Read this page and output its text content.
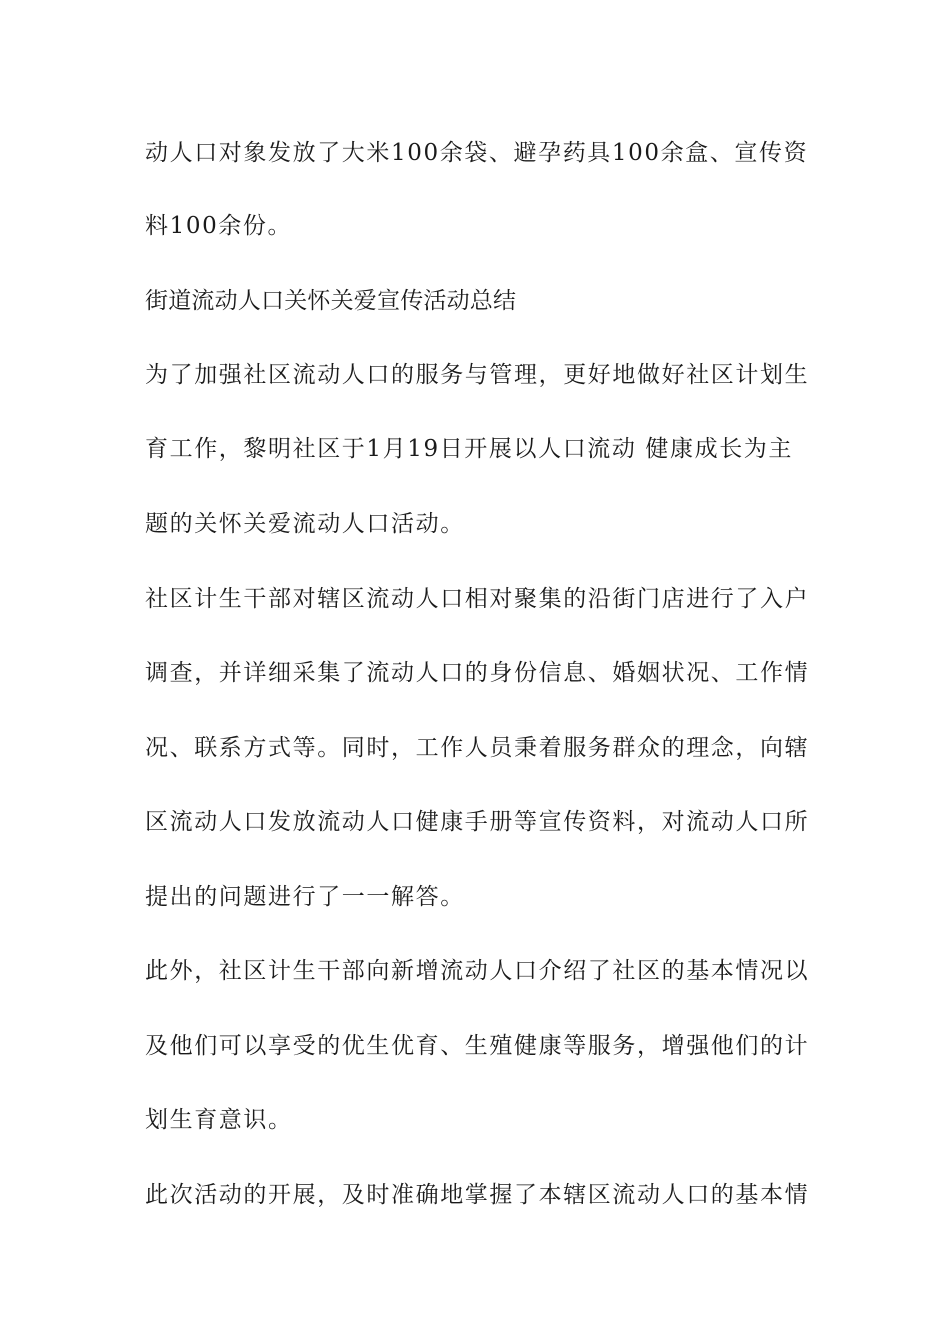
动人口对象发放了大米100余袋、避孕药具100余盒、宣传资
料100余份。
街道流动人口关怀关爱宣传活动总结
为了加强社区流动人口的服务与管理，更好地做好社区计划生
育工作，黎明社区于1月19日开展以人口流动 健康成长为主
题的关怀关爱流动人口活动。
社区计生干部对辖区流动人口相对聚集的沿街门店进行了入户
调查，并详细采集了流动人口的身份信息、婚姻状况、工作情
况、联系方式等。同时，工作人员秉着服务群众的理念，向辖
区流动人口发放流动人口健康手册等宣传资料，对流动人口所
提出的问题进行了一一解答。
此外，社区计生干部向新增流动人口介绍了社区的基本情况以
及他们可以享受的优生优育、生殖健康等服务，增强他们的计
划生育意识。
此次活动的开展，及时准确地掌握了本辖区流动人口的基本情
